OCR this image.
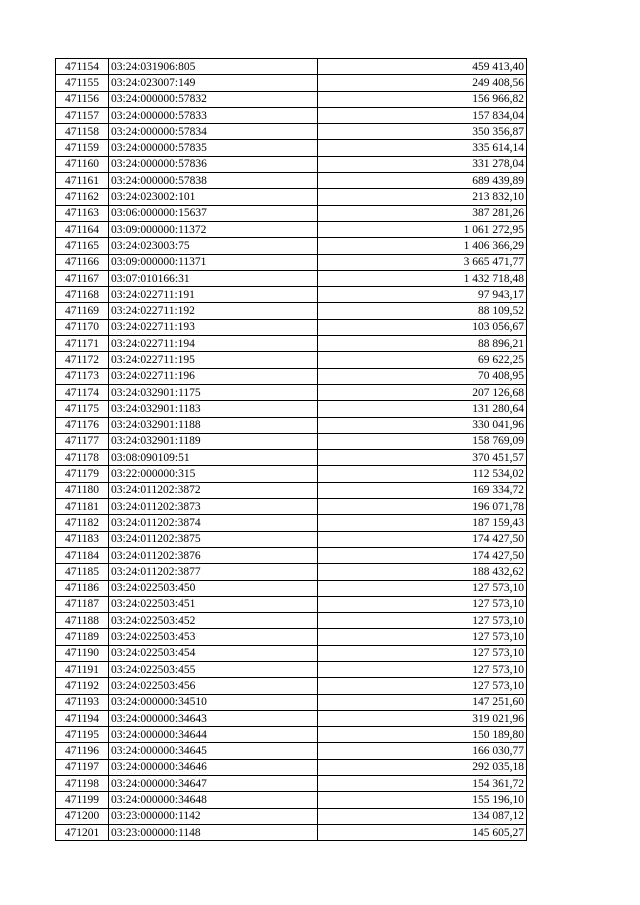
471154	03:24:031906:805	459 413,40
471155	03:24:023007:149	249 408,56
471156	03:24:000000:57832	156 966,82
471157	03:24:000000:57833	157 834,04
471158	03:24:000000:57834	350 356,87
471159	03:24:000000:57835	335 614,14
471160	03:24:000000:57836	331 278,04
471161	03:24:000000:57838	689 439,89
471162	03:24:023002:101	213 832,10
471163	03:06:000000:15637	387 281,26
471164	03:09:000000:11372	1 061 272,95
471165	03:24:023003:75	1 406 366,29
471166	03:09:000000:11371	3 665 471,77
471167	03:07:010166:31	1 432 718,48
471168	03:24:022711:191	97 943,17
471169	03:24:022711:192	88 109,52
471170	03:24:022711:193	103 056,67
471171	03:24:022711:194	88 896,21
471172	03:24:022711:195	69 622,25
471173	03:24:022711:196	70 408,95
471174	03:24:032901:1175	207 126,68
471175	03:24:032901:1183	131 280,64
471176	03:24:032901:1188	330 041,96
471177	03:24:032901:1189	158 769,09
471178	03:08:090109:51	370 451,57
471179	03:22:000000:315	112 534,02
471180	03:24:011202:3872	169 334,72
471181	03:24:011202:3873	196 071,78
471182	03:24:011202:3874	187 159,43
471183	03:24:011202:3875	174 427,50
471184	03:24:011202:3876	174 427,50
471185	03:24:011202:3877	188 432,62
471186	03:24:022503:450	127 573,10
471187	03:24:022503:451	127 573,10
471188	03:24:022503:452	127 573,10
471189	03:24:022503:453	127 573,10
471190	03:24:022503:454	127 573,10
471191	03:24:022503:455	127 573,10
471192	03:24:022503:456	127 573,10
471193	03:24:000000:34510	147 251,60
471194	03:24:000000:34643	319 021,96
471195	03:24:000000:34644	150 189,80
471196	03:24:000000:34645	166 030,77
471197	03:24:000000:34646	292 035,18
471198	03:24:000000:34647	154 361,72
471199	03:24:000000:34648	155 196,10
471200	03:23:000000:1142	134 087,12
471201	03:23:000000:1148	145 605,27
